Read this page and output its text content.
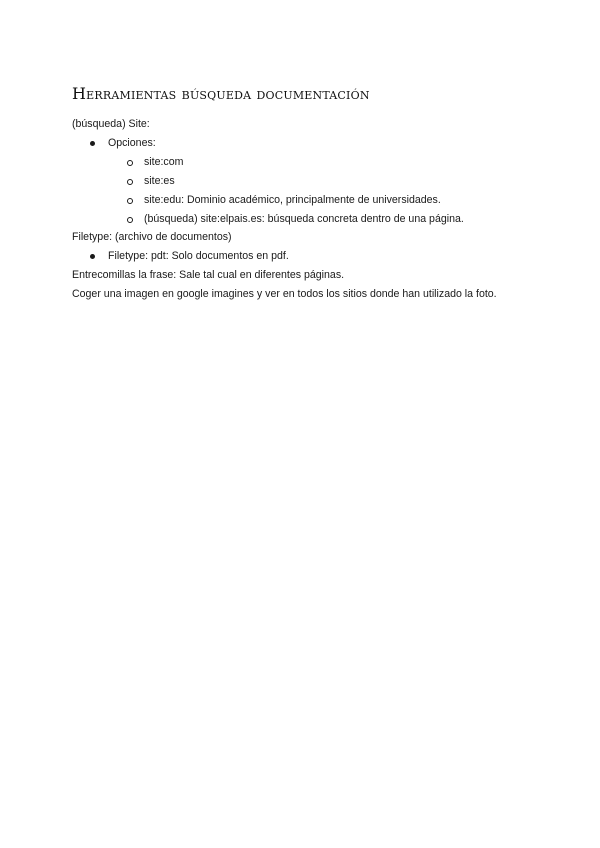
Herramientas búsqueda documentación
(búsqueda) Site:
Opciones:
site:com
site:es
site:edu: Dominio académico, principalmente de universidades.
(búsqueda) site:elpais.es: búsqueda concreta dentro de una página.
Filetype: (archivo de documentos)
Filetype: pdt: Solo documentos en pdf.
Entrecomillas la frase: Sale tal cual en diferentes páginas.
Coger una imagen en google imagines y ver en todos los sitios donde han utilizado la foto.
